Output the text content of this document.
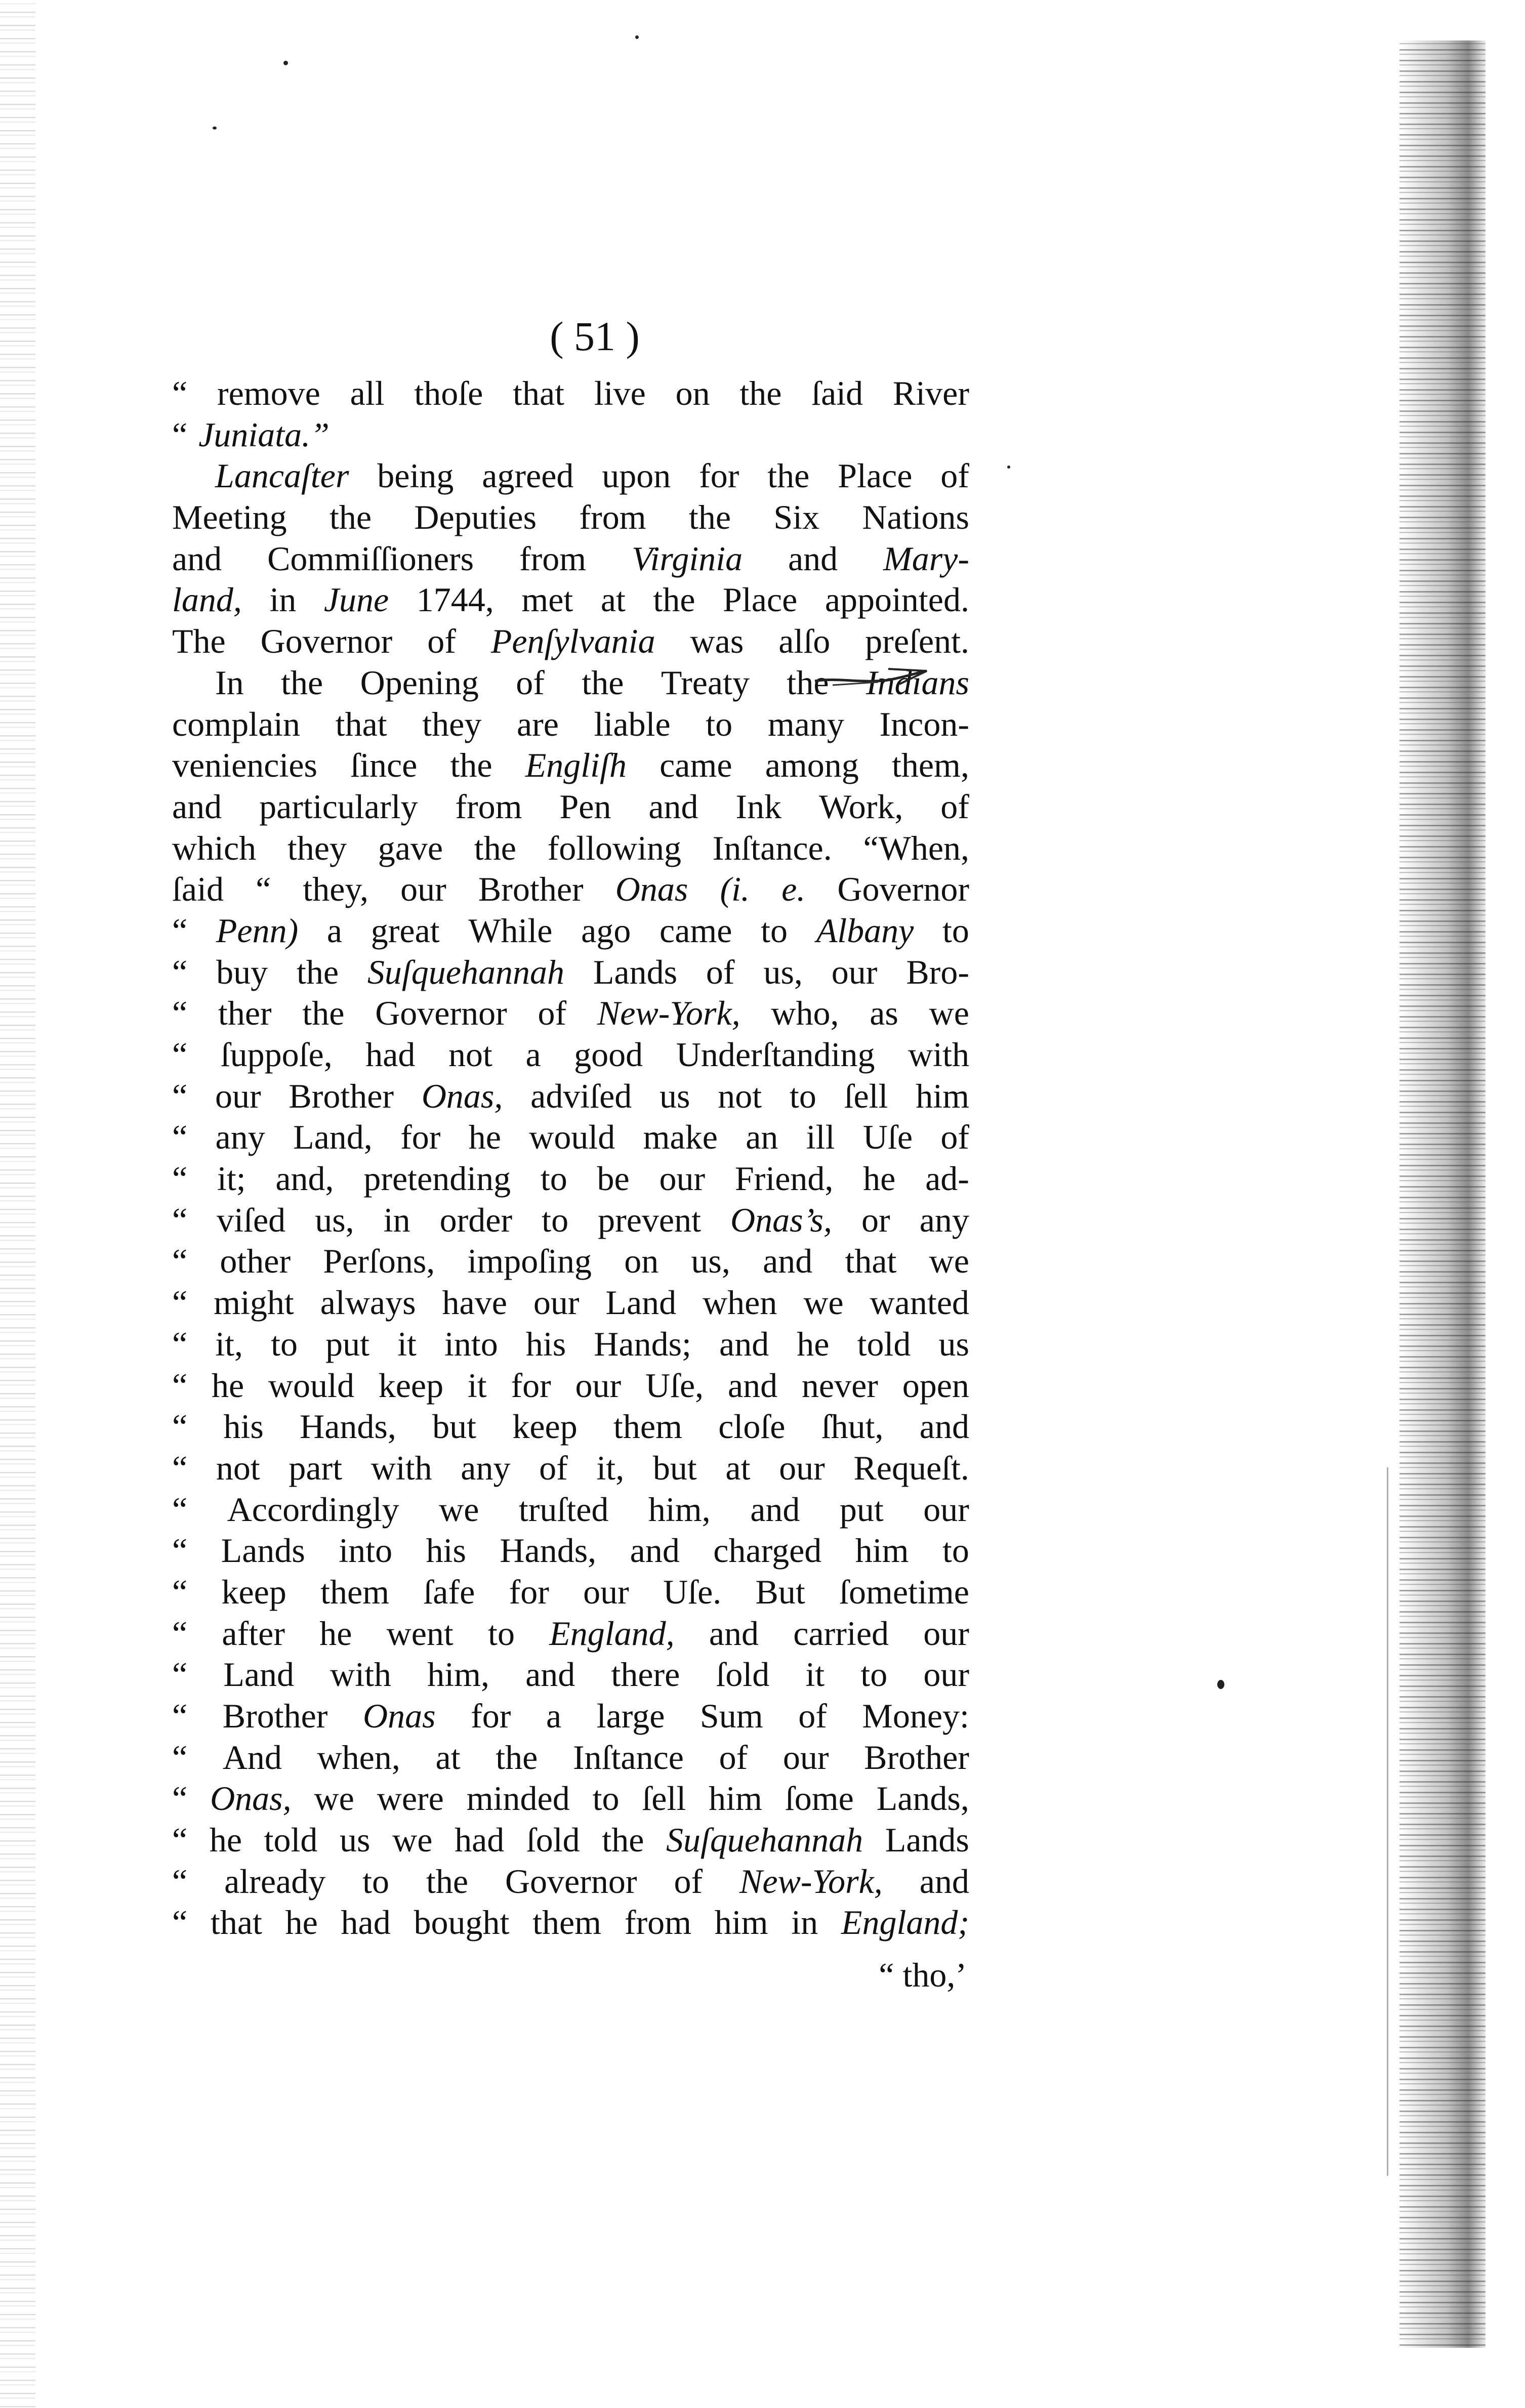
( 51 )
“ remove all thoſe that live on the ſaid River
“ Juniata.”
Lancaſter being agreed upon for the Place of
Meeting the Deputies from the Six Nations
and Commiſſioners from Virginia and Mary-
land, in June 1744, met at the Place appointed.
The Governor of Penſylvania was alſo preſent.
In the Opening of the Treaty the Indians
complain that they are liable to many Incon-
veniencies ſince the Engliſh came among them,
and particularly from Pen and Ink Work, of
which they gave the following Inſtance. “When,
ſaid “ they, our Brother Onas (i. e. Governor
“ Penn) a great While ago came to Albany to
“ buy the Suſquehannah Lands of us, our Bro-
“ ther the Governor of New-York, who, as we
“ ſuppoſe, had not a good Underſtanding with
“ our Brother Onas, adviſed us not to ſell him
“ any Land, for he would make an ill Uſe of
“ it; and, pretending to be our Friend, he ad-
“ viſed us, in order to prevent Onas’s, or any
“ other Perſons, impoſing on us, and that we
“ might always have our Land when we wanted
“ it, to put it into his Hands; and he told us
“ he would keep it for our Uſe, and never open
“ his Hands, but keep them cloſe ſhut, and
“ not part with any of it, but at our Requeſt.
“ Accordingly we truſted him, and put our
“ Lands into his Hands, and charged him to
“ keep them ſafe for our Uſe. But ſometime
“ after he went to England, and carried our
“ Land with him, and there ſold it to our
“ Brother Onas for a large Sum of Money:
“ And when, at the Inſtance of our Brother
“ Onas, we were minded to ſell him ſome Lands,
“ he told us we had ſold the Suſquehannah Lands
“ already to the Governor of New-York, and
“ that he had bought them from him in England;
“ tho,’
